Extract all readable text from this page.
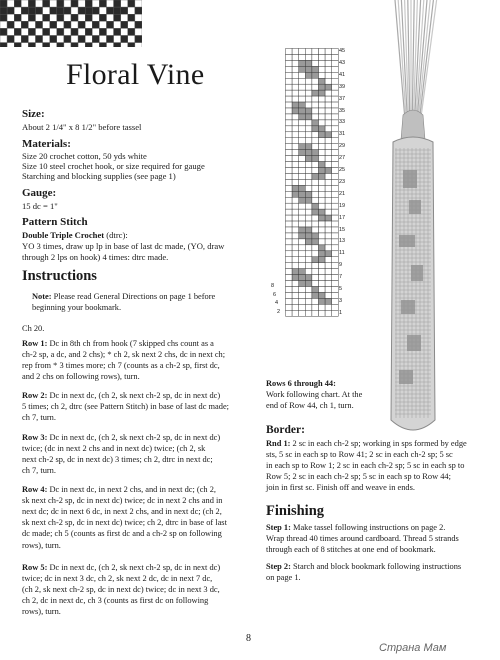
Floral Vine
Size:
About 2 1/4" x 8 1/2" before tassel
Materials:
Size 20 crochet cotton, 50 yds white
Size 10 steel crochet hook, or size required for gauge
Starching and blocking supplies (see page 1)
Gauge:
15 dc = 1"
Pattern Stitch
Double Triple Crochet (dtrc):
YO 3 times, draw up lp in base of last dc made, (YO, draw
through 2 lps on hook) 4 times: dtrc made.
Instructions
Note: Please read General Directions on page 1 before
beginning your bookmark.
Ch 20.
Row 1: Dc in 8th ch from hook (7 skipped chs count as a
ch-2 sp, a dc, and 2 chs); * ch 2, sk next 2 chs, dc in next ch;
rep from * 3 times more; ch 7 (counts as a ch-2 sp, first dc,
and 2 chs on following rows), turn.
Row 2: Dc in next dc, (ch 2, sk next ch-2 sp, dc in next dc)
5 times; ch 2, dtrc (see Pattern Stitch) in base of last dc made;
ch 7, turn.
Row 3: Dc in next dc, (ch 2, sk next ch-2 sp, dc in next dc)
twice; (dc in next 2 chs and in next dc) twice; (ch 2, sk
next ch-2 sp, dc in next dc) 3 times; ch 2, dtrc in next dc;
ch 7, turn.
Row 4: Dc in next dc, in next 2 chs, and in next dc; (ch 2,
sk next ch-2 sp, dc in next dc) twice; dc in next 2 chs and in
next dc; dc in next 6 dc, in next 2 chs, and in next dc; (ch 2,
sk next ch-2 sp, dc in next dc) twice; ch 2, dtrc in base of last
dc made; ch 5 (counts as first dc and a ch-2 sp on following
rows), turn.
Row 5: Dc in next dc, (ch 2, sk next ch-2 sp, dc in next dc)
twice; dc in next 3 dc, ch 2, sk next 2 dc, dc in next 7 dc,
(ch 2, sk next ch-2 sp, dc in next dc) twice; dc in next 3 dc,
ch 2, dc in next dc, ch 3 (counts as first dc on following
rows), turn.
45
43
41
39
37
35
33
31
29
27
25
23
21
19
17
15
13
11
9
7
5
3
1
8
6
4
2
Rows 6 through 44:
Work following chart. At the
end of Row 44, ch 1, turn.
Border:
Rnd 1: 2 sc in each ch-2 sp; working in sps formed by edge
sts, 5 sc in each sp to Row 41; 2 sc in each ch-2 sp; 5 sc
in each sp to Row 1; 2 sc in each ch-2 sp; 5 sc in each sp to
Row 5; 2 sc in each ch-2 sp; 5 sc in each sp to Row 44;
join in first sc. Finish off and weave in ends.
Finishing
Step 1: Make tassel following instructions on page 2.
Wrap thread 40 times around cardboard. Thread 5 strands
through each of 8 stitches at one end of bookmark.
Step 2: Starch and block bookmark following instructions
on page 1.
8
Страна Мам
